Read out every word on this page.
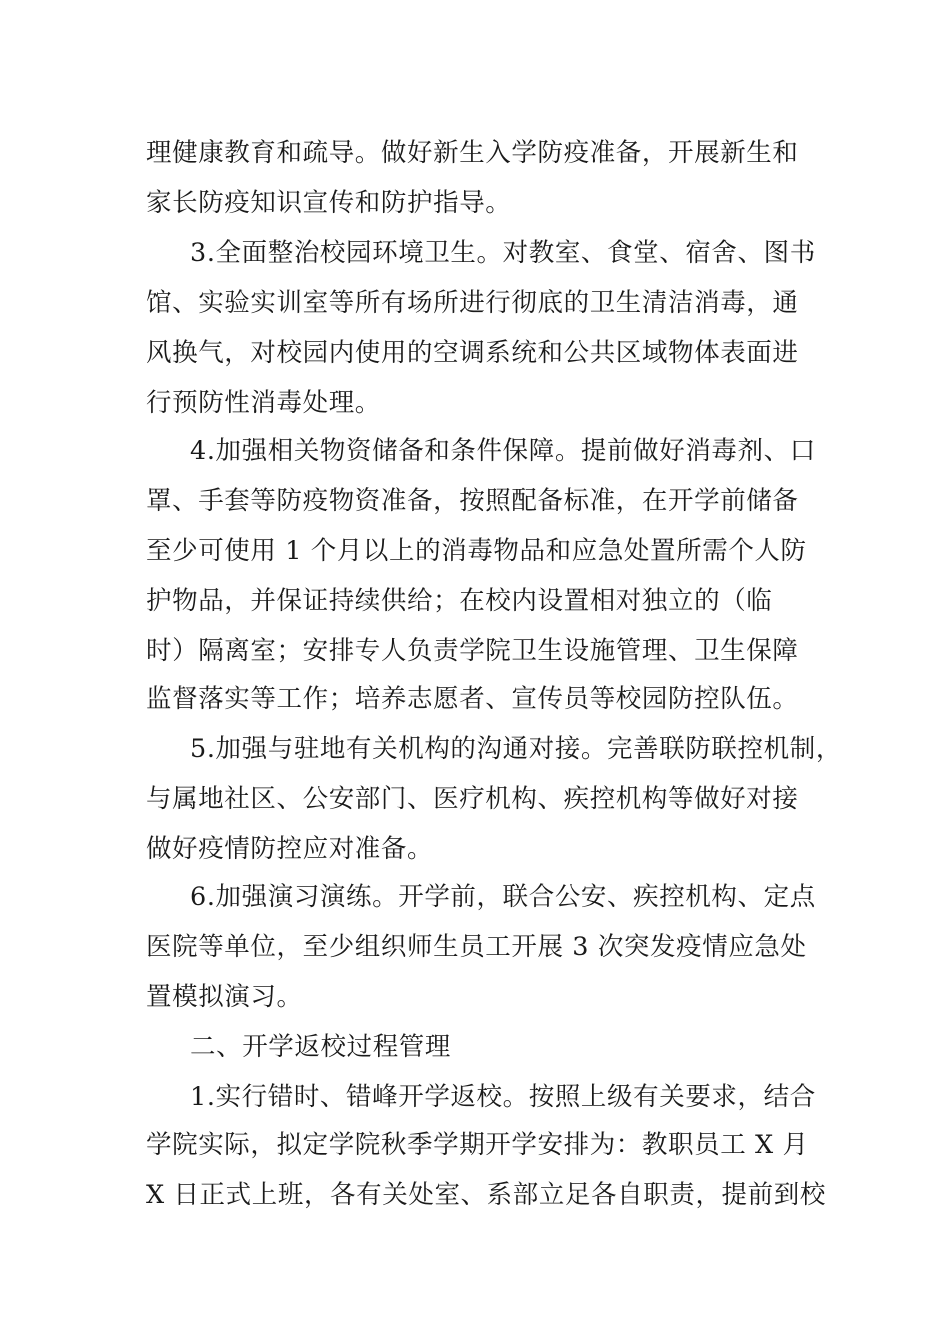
理健康教育和疏导。做好新生入学防疫准备，开展新生和
家长防疫知识宣传和防护指导。
3.全面整治校园环境卫生。对教室、食堂、宿舍、图书
馆、实验实训室等所有场所进行彻底的卫生清洁消毒，通
风换气，对校园内使用的空调系统和公共区域物体表面进
行预防性消毒处理。
4.加强相关物资储备和条件保障。提前做好消毒剂、口
罩、手套等防疫物资准备，按照配备标准，在开学前储备
至少可使用 1 个月以上的消毒物品和应急处置所需个人防
护物品，并保证持续供给；在校内设置相对独立的（临
时）隔离室；安排专人负责学院卫生设施管理、卫生保障
监督落实等工作；培养志愿者、宣传员等校园防控队伍。
5.加强与驻地有关机构的沟通对接。完善联防联控机制，
与属地社区、公安部门、医疗机构、疾控机构等做好对接
做好疫情防控应对准备。
6.加强演习演练。开学前，联合公安、疾控机构、定点
医院等单位，至少组织师生员工开展 3 次突发疫情应急处
置模拟演习。
二、开学返校过程管理
1.实行错时、错峰开学返校。按照上级有关要求，结合
学院实际，拟定学院秋季学期开学安排为：教职员工 X 月
X 日正式上班，各有关处室、系部立足各自职责，提前到校
